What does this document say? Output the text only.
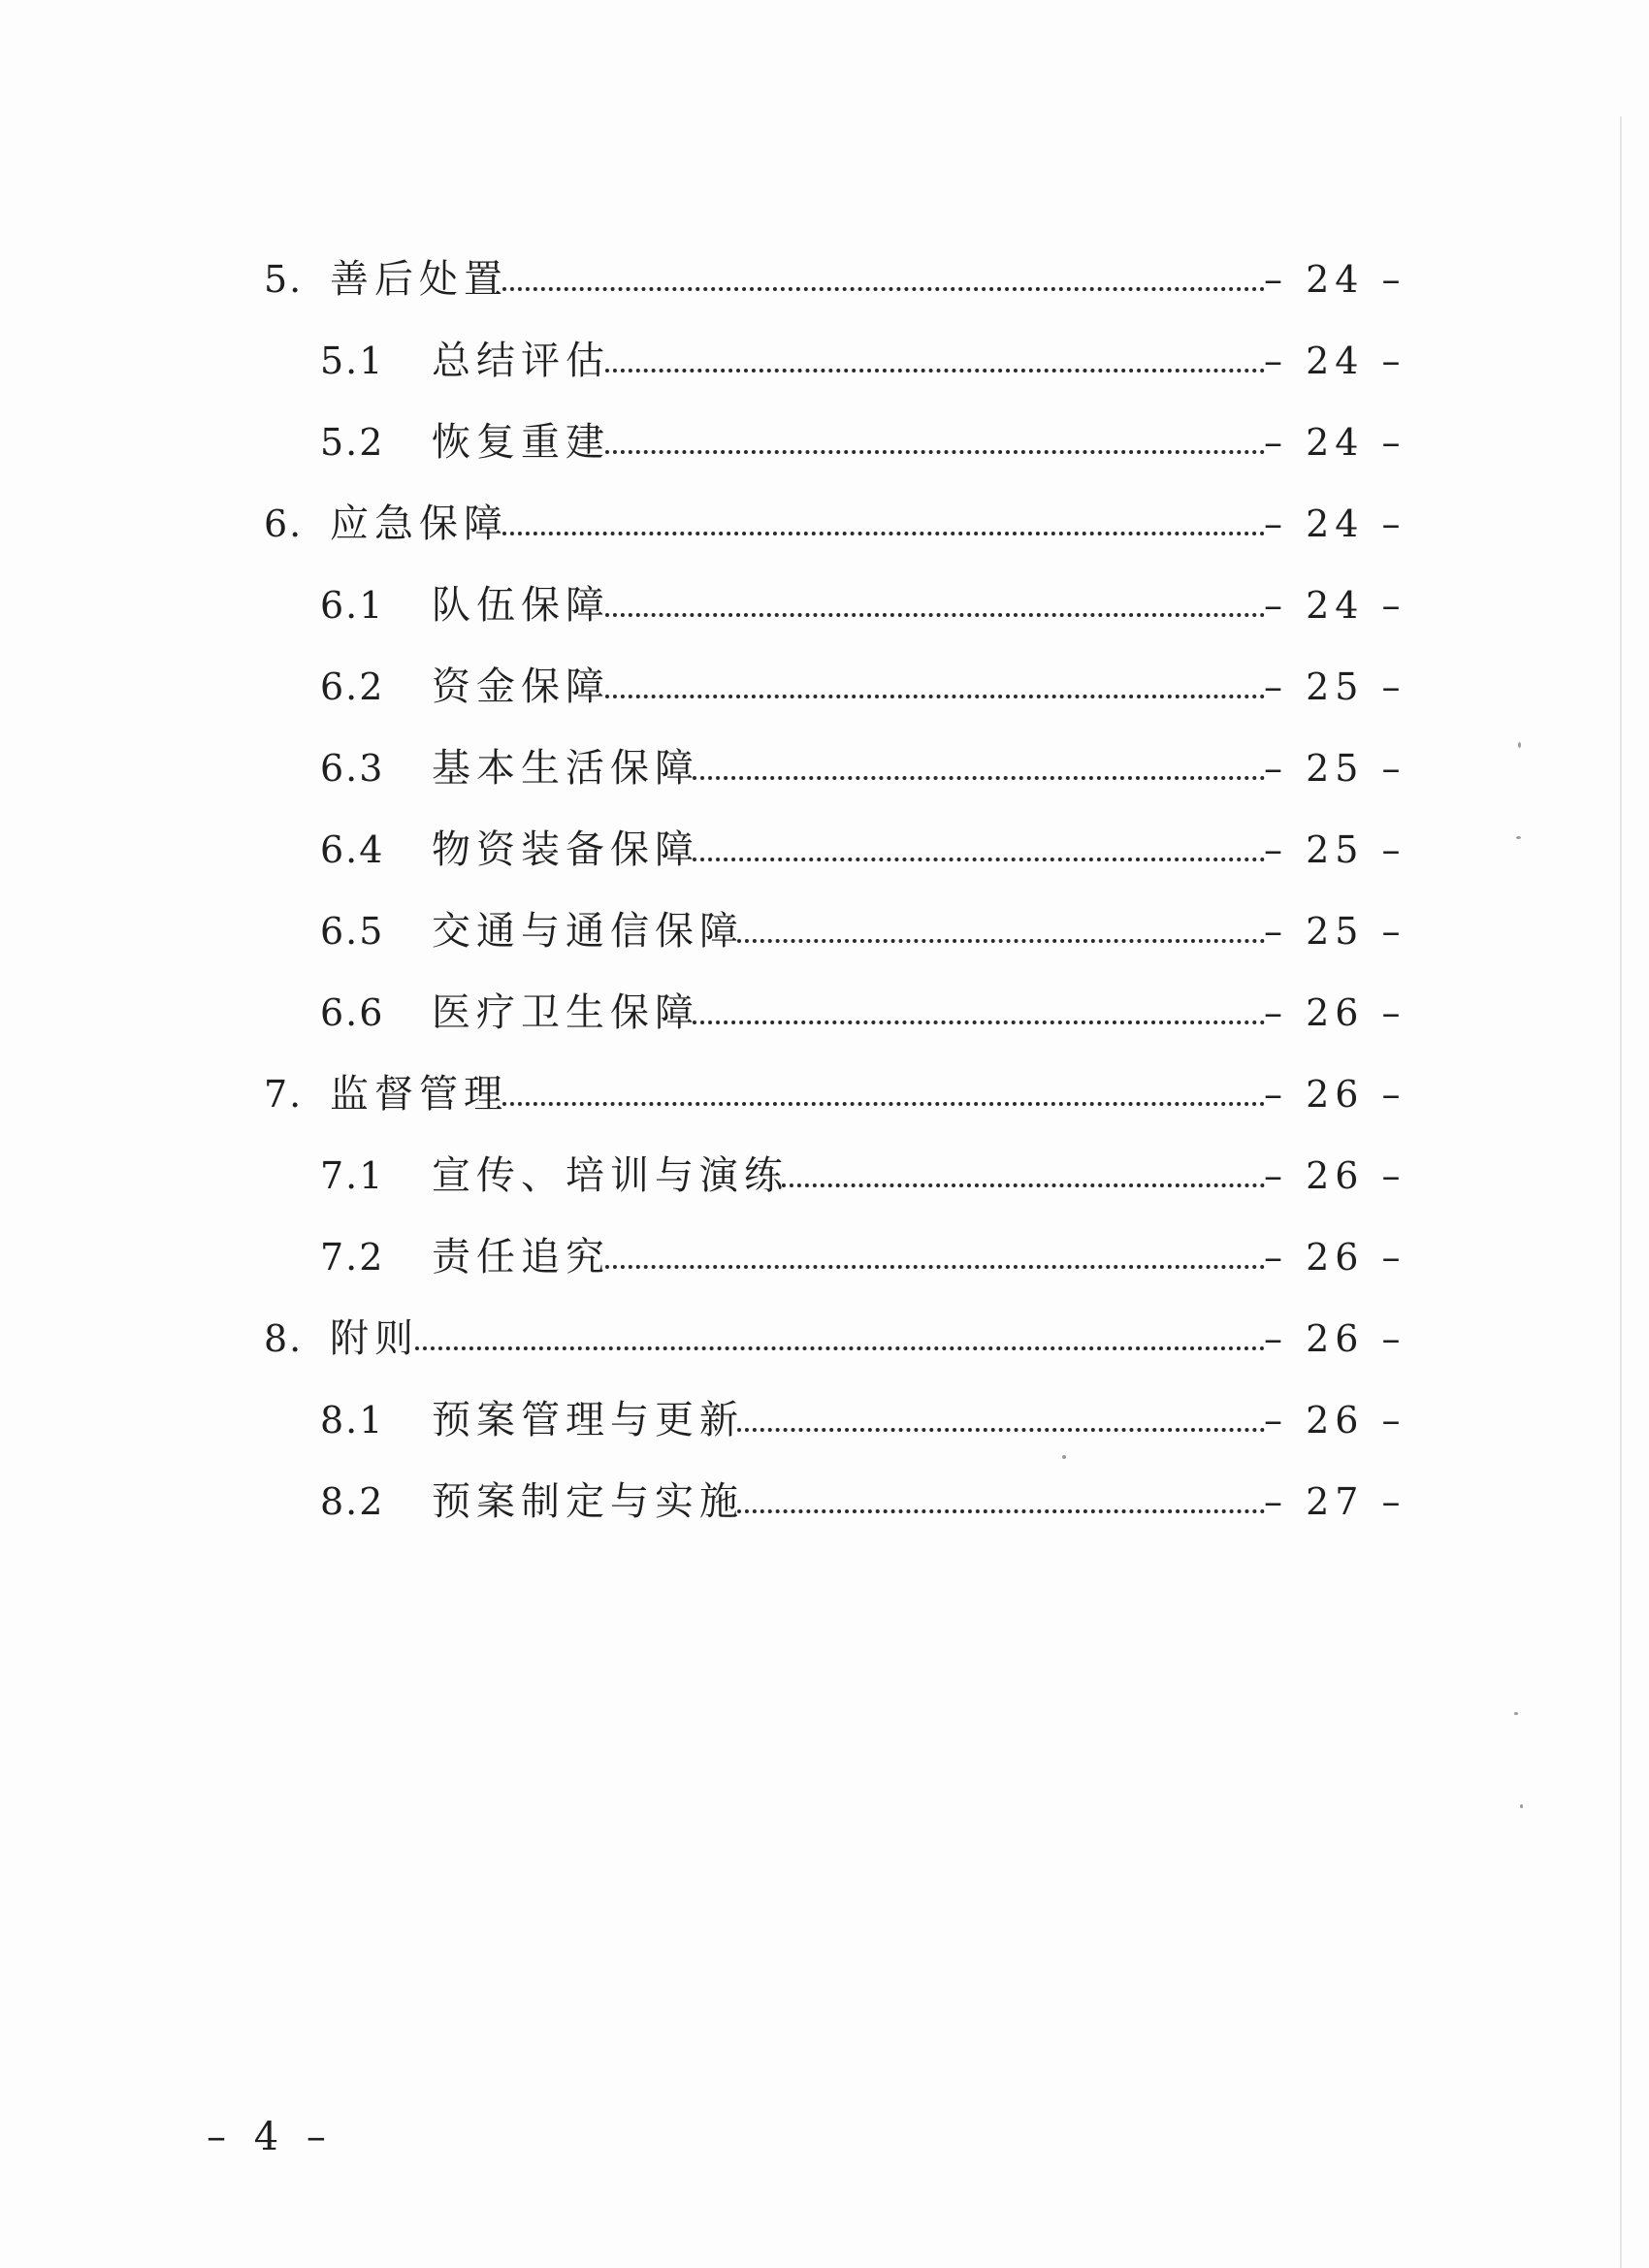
5. 善后处置	– 24 –
5.1 总结评估	– 24 –
5.2 恢复重建	– 24 –
6. 应急保障	– 24 –
6.1 队伍保障	– 24 –
6.2 资金保障	– 25 –
6.3 基本生活保障	– 25 –
6.4 物资装备保障	– 25 –
6.5 交通与通信保障	– 25 –
6.6 医疗卫生保障	– 26 –
7. 监督管理	– 26 –
7.1 宣传、培训与演练	– 26 –
7.2 责任追究	– 26 –
8. 附则	– 26 –
8.1 预案管理与更新	– 26 –
8.2 预案制定与实施	– 27 –
– 4 –
